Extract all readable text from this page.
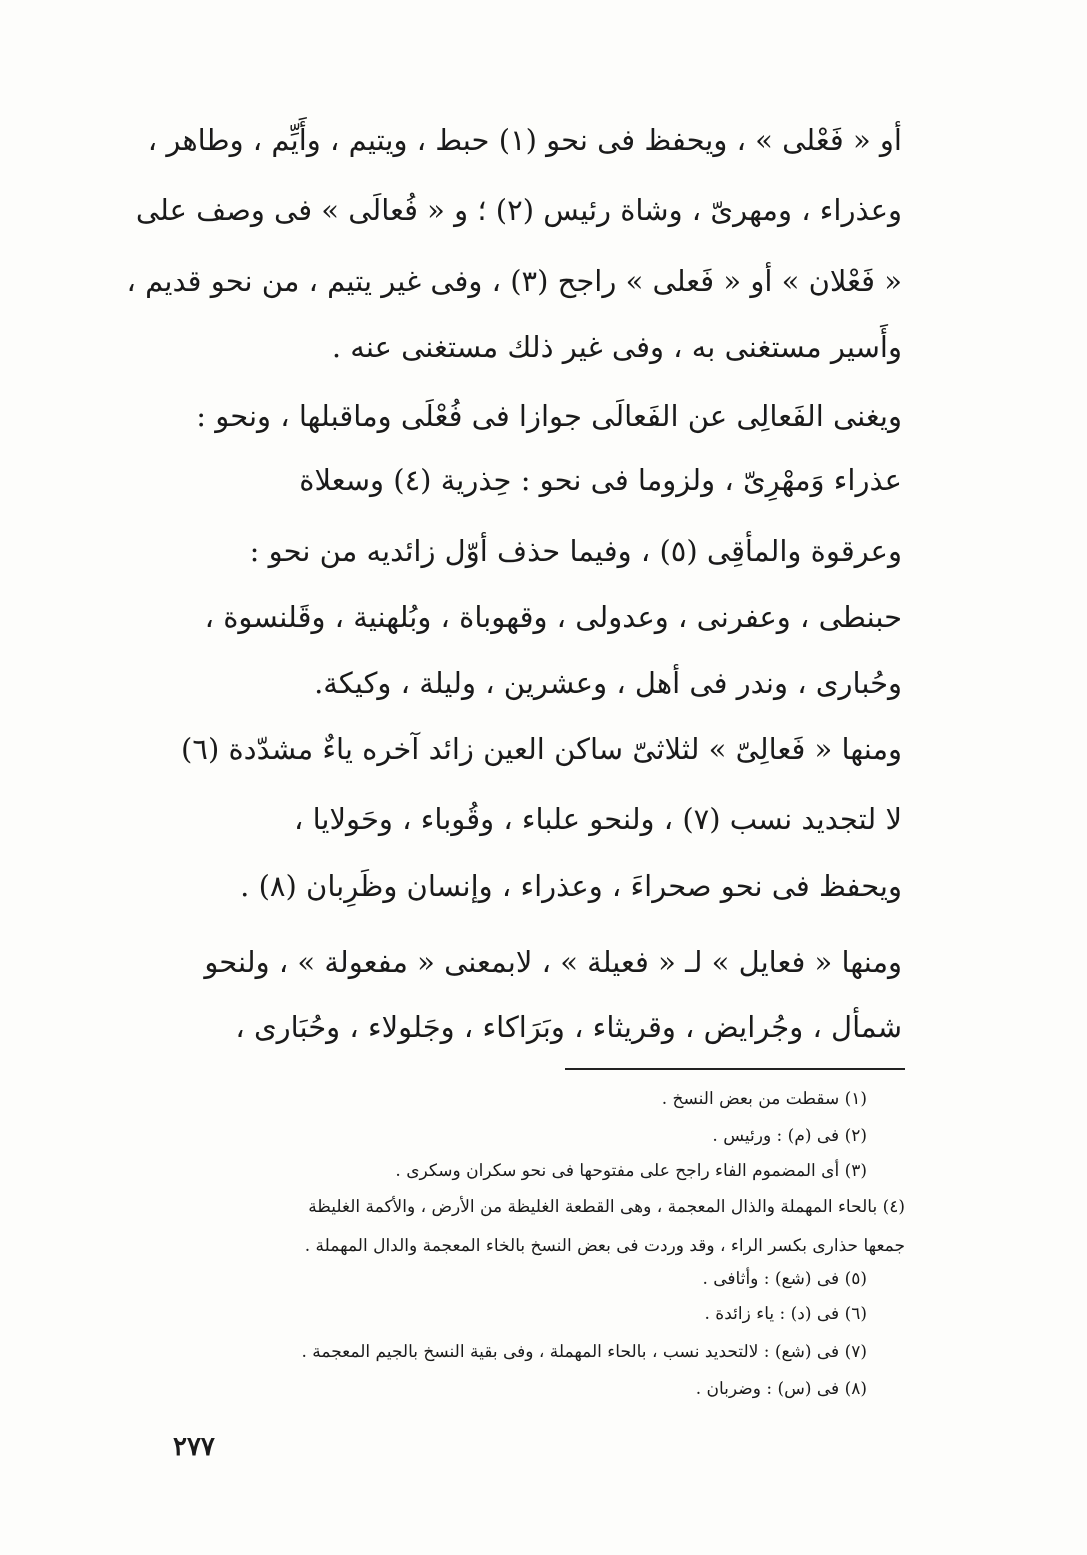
أو « فَعْلى » ، ويحفظ فى نحو (١) حبط ، ويتيم ، وأَيِّم ، وطاهر ،
وعذراء ، ومهرىّ ، وشاة رئيس (٢) ؛ و « فُعالَى » فى وصف على
« فَعْلان » أو « فَعلى » راجح (٣) ، وفى غير يتيم ، من نحو قديم ،
وأَسير مستغنى به ، وفى غير ذلك مستغنى عنه .
ويغنى الفَعالِى عن الفَعالَى جوازا فى فُعْلَى وماقبلها ، ونحو :
عذراء وَمهْرِىّ ، ولزوما فى نحو : حِذرية (٤) وسعلاة
وعرقوة والمأقِى (٥) ، وفيما حذف أوّل زائديه من نحو :
حبنطى ، وعفرنى ، وعدولى ، وقهوباة ، وبُلهنية ، وقَلنسوة ،
وحُبارى ، وندر فى أهل ، وعشرين ، وليلة ، وكيكة.
ومنها « فَعالِىّ » لثلاثىّ ساكن العين زائد آخره ياءٌ مشدّدة (٦)
لا لتجديد نسب (٧) ، ولنحو علباء ، وقُوباء ، وحَولايا ،
ويحفظ فى نحو صحراءَ ، وعذراء ، وإنسان وظَرِبان (٨) .
ومنها « فعايل » لـ « فعيلة » ، لابمعنى « مفعولة » ، ولنحو
شمأل ، وجُرايض ، وقريثاء ، وبَرَاكاء ، وجَلولاء ، وحُبَارى ،
(١) سقطت من بعض النسخ .
(٢) فى (م) : ورئيس .
(٣) أى المضموم الفاء راجح على مفتوحها فى نحو سكران وسكرى .
(٤) بالحاء المهملة والذال المعجمة ، وهى القطعة الغليظة من الأرض ، والأكمة الغليظة
جمعها حذارى بكسر الراء ، وقد وردت فى بعض النسخ بالخاء المعجمة والدال المهملة .
(٥) فى (شع) : وأثافى .
(٦) فى (د) : ياء زائدة .
(٧) فى (شع) : لالتحديد نسب ، بالحاء المهملة ، وفى بقية النسخ بالجيم المعجمة .
(٨) فى (س) : وضربان .
٢٧٧
